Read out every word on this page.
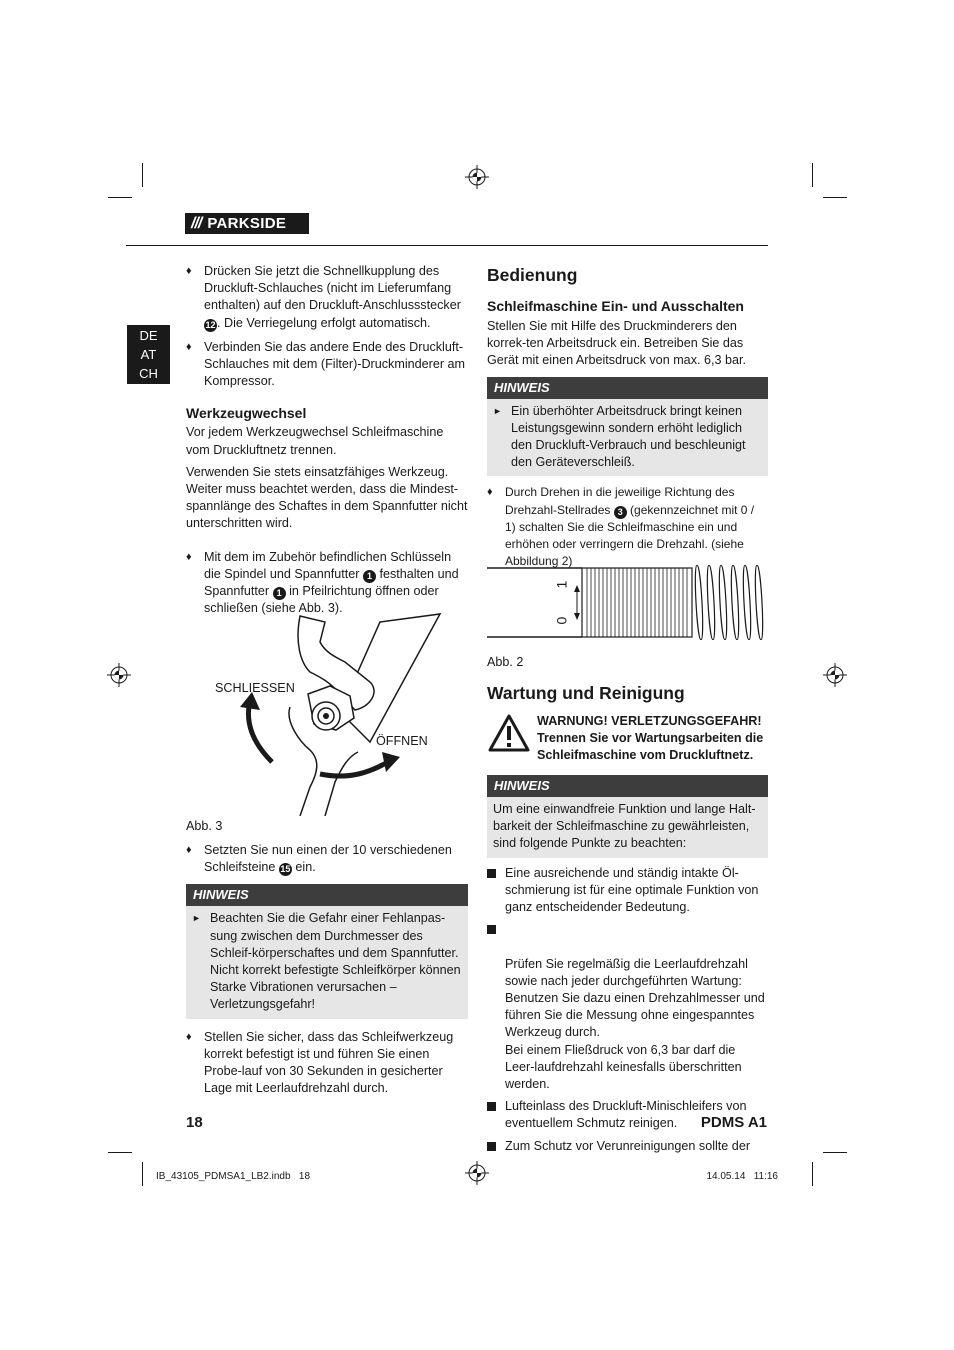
/// PARKSIDE
DE
AT
CH
♦ Drücken Sie jetzt die Schnellkupplung des Druckluft-Schlauches (nicht im Lieferumfang enthalten) auf den Druckluft-Anschlussstecker 12 . Die Verriegelung erfolgt automatisch.
♦ Verbinden Sie das andere Ende des Druckluft-Schlauches mit dem (Filter)-Druckminderer am Kompressor.
Werkzeugwechsel

Vor jedem Werkzeugwechsel Schleifmaschine vom Druckluftnetz trennen.

Verwenden Sie stets einsatzfähiges Werkzeug. Weiter muss beachtet werden, dass die Mindest-spannlänge des Schaftes in dem Spannfutter nicht unterschritten wird.

♦ Mit dem im Zubehör befindlichen Schlüsseln die Spindel und Spannfutter 1 festhalten und Spannfutter 1 in Pfeilrichtung öffnen oder schließen (siehe Abb. 3).
SCHLIESSEN
ÖFFNEN
Abb. 3
♦ Setzten Sie nun einen der 10 verschiedenen Schleifsteine 15 ein.
HINWEIS
► Beachten Sie die Gefahr einer Fehlanpas-sung zwischen dem Durchmesser des Schleif-körperschaftes und dem Spannfutter. Nicht korrekt befestigte Schleifkörper können Starke Vibrationen verursachen – Verletzungsgefahr!
♦ Stellen Sie sicher, dass das Schleifwerkzeug korrekt befestigt ist und führen Sie einen Probe-lauf von 30 Sekunden in gesicherter Lage mit Leerlaufdrehzahl durch.
Bedienung
Schleifmaschine Ein- und Ausschalten

Stellen Sie mit Hilfe des Druckminderers den korrek-ten Arbeitsdruck ein. Betreiben Sie das Gerät mit einen Arbeitsdruck von max. 6,3 bar.

HINWEIS
► Ein überhöhter Arbeitsdruck bringt keinen Leistungsgewinn sondern erhöht lediglich den Druckluft-Verbrauch und beschleunigt den Geräteverschleiß.
♦ Durch Drehen in die jeweilige Richtung des Drehzahl-Stellrades 3 (gekennzeichnet mit 0 / 1) schalten Sie die Schleifmaschine ein und erhöhen oder verringern die Drehzahl. (siehe Abbildung 2)
1
0
Abb. 2
Wartung und Reinigung
WARNUNG! VERLETZUNGSGEFAHR! Trennen Sie vor Wartungsarbeiten die Schleifmaschine vom Druckluftnetz.
HINWEIS
Um eine einwandfreie Funktion und lange Halt-barkeit der Schleifmaschine zu gewährleisten, sind folgende Punkte zu beachten:
Eine ausreichende und ständig intakte Öl-schmierung ist für eine optimale Funktion von ganz entscheidender Bedeutung.

Prüfen Sie regelmäßig die Leerlaufdrehzahl sowie nach jeder durchgeführten Wartung: Benutzen Sie dazu einen Drehzahlmesser und führen Sie die Messung ohne eingespanntes Werkzeug durch.
Bei einem Fließdruck von 6,3 bar darf die Leer-laufdrehzahl keinesfalls überschritten werden.

Lufteinlass des Druckluft-Minischleifers von eventuellem Schmutz reinigen.
Zum Schutz vor Verunreinigungen sollte der
18	PDMS A1
IB_43105_PDMSA1_LB2.indb   18	14.05.14   11:16
